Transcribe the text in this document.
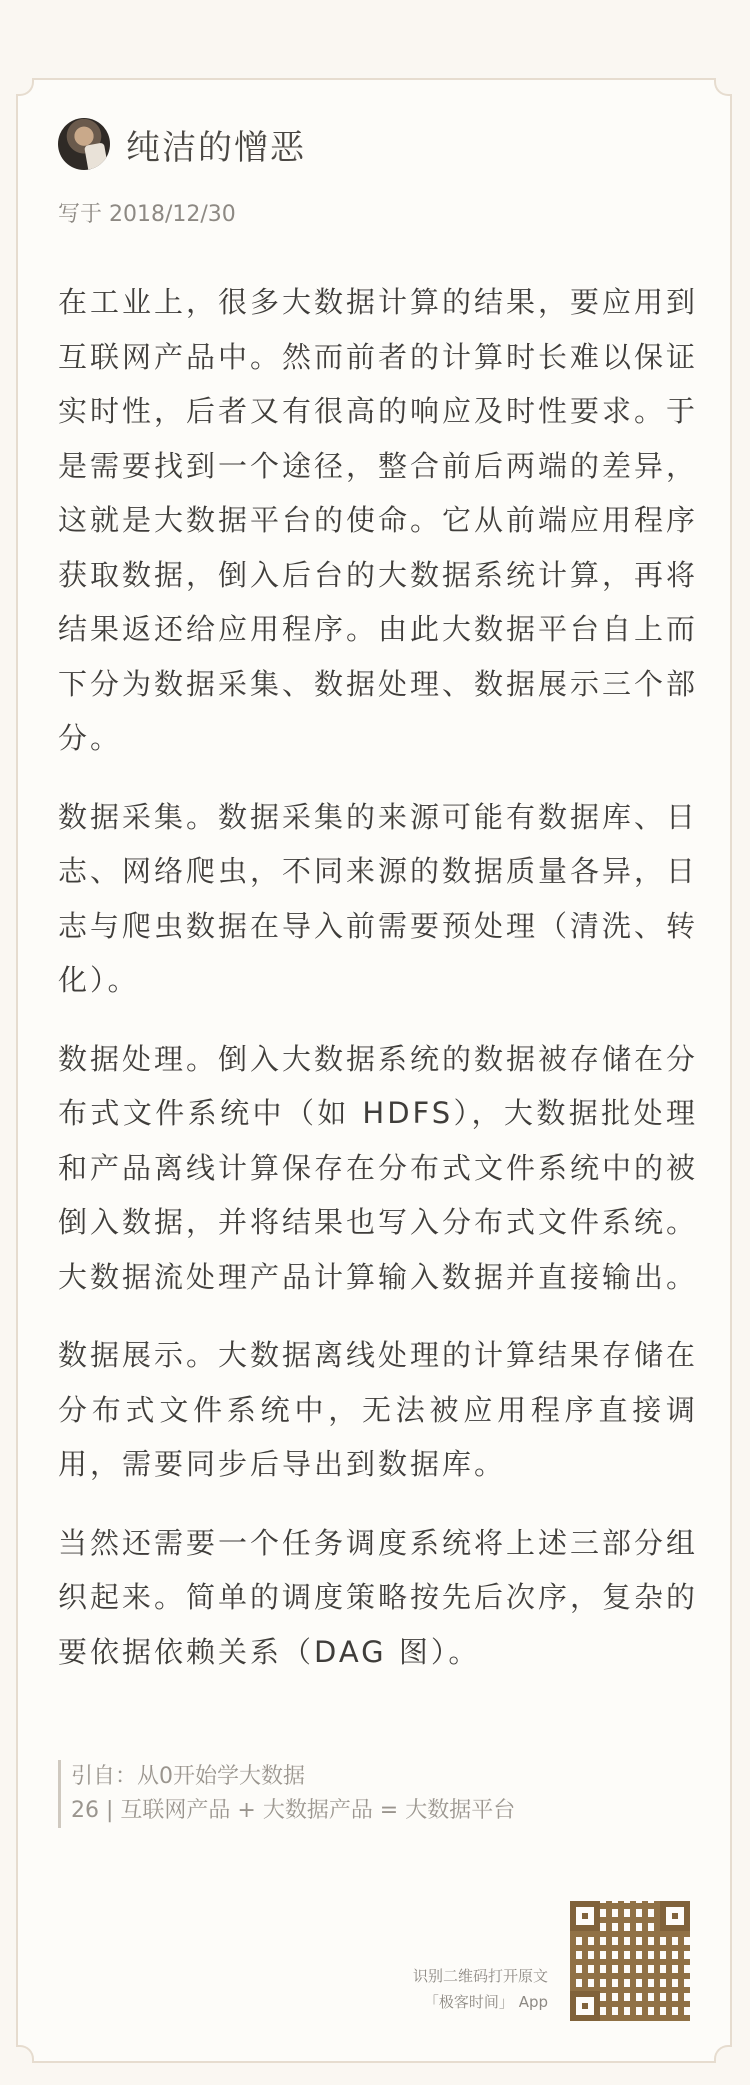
纯洁的憎恶
写于 2018/12/30

在工业上，很多大数据计算的结果，要应用到互联网产品中。然而前者的计算时长难以保证实时性，后者又有很高的响应及时性要求。于是需要找到一个途径，整合前后两端的差异，这就是大数据平台的使命。它从前端应用程序获取数据，倒入后台的大数据系统计算，再将结果返还给应用程序。由此大数据平台自上而下分为数据采集、数据处理、数据展示三个部分。

数据采集。数据采集的来源可能有数据库、日志、网络爬虫，不同来源的数据质量各异，日志与爬虫数据在导入前需要预处理（清洗、转化）。

数据处理。倒入大数据系统的数据被存储在分布式文件系统中（如 HDFS），大数据批处理和产品离线计算保存在分布式文件系统中的被倒入数据，并将结果也写入分布式文件系统。大数据流处理产品计算输入数据并直接输出。

数据展示。大数据离线处理的计算结果存储在分布式文件系统中，无法被应用程序直接调用，需要同步后导出到数据库。

当然还需要一个任务调度系统将上述三部分组织起来。简单的调度策略按先后次序，复杂的要依据依赖关系（DAG 图）。

引自：从0开始学大数据
26 | 互联网产品 + 大数据产品 = 大数据平台
识别二维码打开原文
「极客时间」 App
